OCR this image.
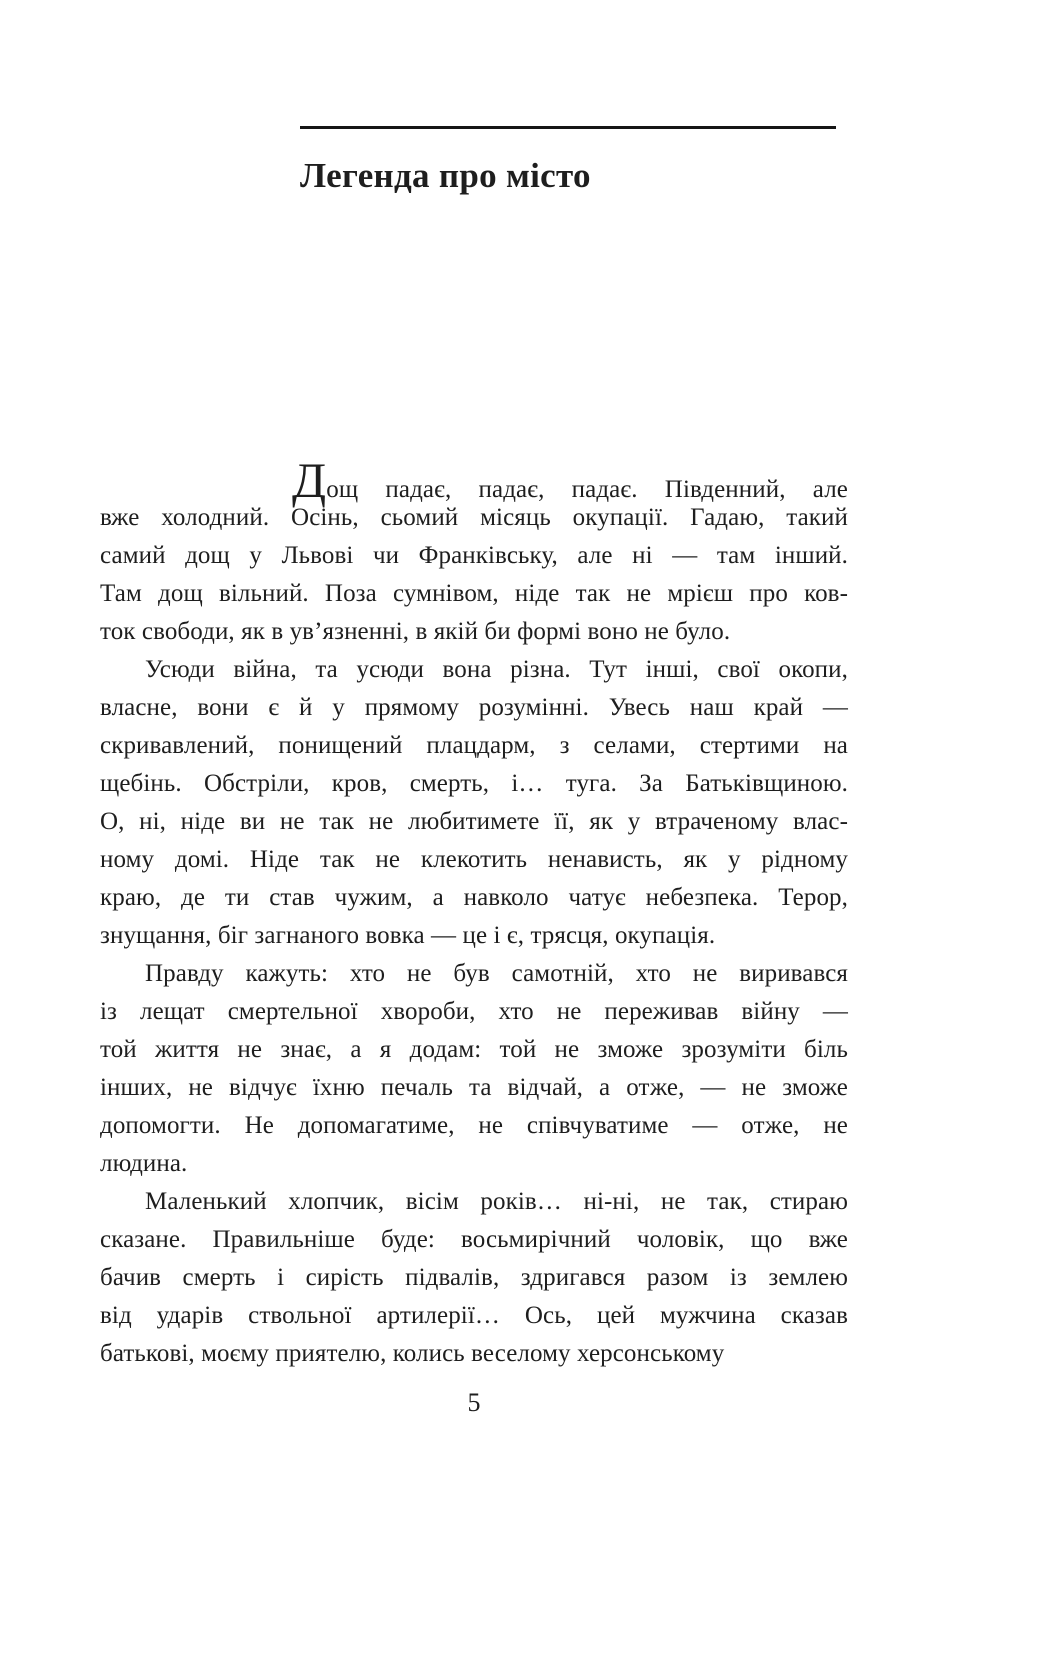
Легенда про місто
Дощ падає, падає, падає. Південний, але
вже холодний. Осінь, сьомий місяць окупації. Гадаю, такий
самий дощ у Львові чи Франківську, але ні — там інший.
Там дощ вільний. Поза сумнівом, ніде так не мрієш про ков-
ток свободи, як в ув’язненні, в якій би формі воно не було.
Усюди війна, та усюди вона різна. Тут інші, свої окопи,
власне, вони є й у прямому розумінні. Увесь наш край —
скривавлений, понищений плацдарм, з селами, стертими на
щебінь. Обстріли, кров, смерть, і… туга. За Батьківщиною.
О, ні, ніде ви не так не любитимете її, як у втраченому влас-
ному домі. Ніде так не клекотить ненависть, як у рідному
краю, де ти став чужим, а навколо чатує небезпека. Терор,
знущання, біг загнаного вовка — це і є, трясця, окупація.
Правду кажуть: хто не був самотній, хто не виривався
із лещат смертельної хвороби, хто не переживав війну —
той життя не знає, а я додам: той не зможе зрозуміти біль
інших, не відчує їхню печаль та відчай, а отже, — не зможе
допомогти. Не допомагатиме, не співчуватиме — отже, не
людина.
Маленький хлопчик, вісім років… ні-ні, не так, стираю
сказане. Правильніше буде: восьмирічний чоловік, що вже
бачив смерть і сирість підвалів, здригався разом із землею
від ударів ствольної артилерії… Ось, цей мужчина сказав
батькові, моєму приятелю, колись веселому херсонському
5
